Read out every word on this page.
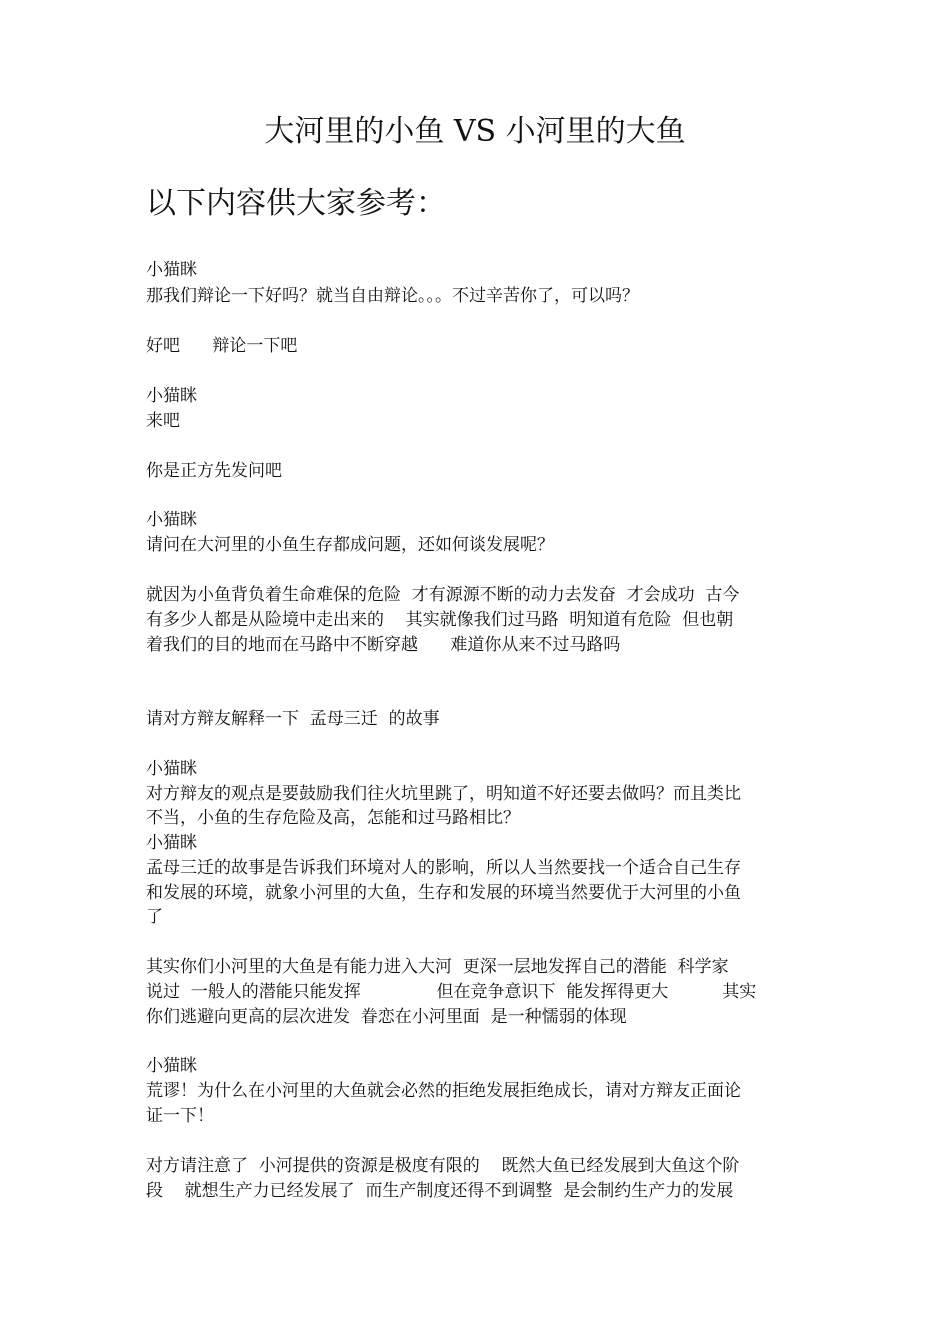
大河里的小鱼 VS 小河里的大鱼
以下内容供大家参考：
小猫眯
那我们辩论一下好吗？就当自由辩论。。。不过辛苦你了，可以吗？
好吧      辩论一下吧
小猫眯
来吧
你是正方先发问吧
小猫眯
请问在大河里的小鱼生存都成问题，还如何谈发展呢？
就因为小鱼背负着生命难保的危险  才有源源不断的动力去发奋  才会成功  古今
有多少人都是从险境中走出来的    其实就像我们过马路  明知道有危险  但也朝
着我们的目的地而在马路中不断穿越      难道你从来不过马路吗
请对方辩友解释一下  孟母三迁  的故事
小猫眯
对方辩友的观点是要鼓励我们往火坑里跳了，明知道不好还要去做吗？而且类比
不当，小鱼的生存危险及高，怎能和过马路相比？
小猫眯
孟母三迁的故事是告诉我们环境对人的影响，所以人当然要找一个适合自己生存
和发展的环境，就象小河里的大鱼，生存和发展的环境当然要优于大河里的小鱼
了
其实你们小河里的大鱼是有能力进入大河  更深一层地发挥自己的潜能  科学家
说过  一般人的潜能只能发挥              但在竞争意识下  能发挥得更大          其实
你们逃避向更高的层次进发  眷恋在小河里面  是一种懦弱的体现
小猫眯
荒谬！为什么在小河里的大鱼就会必然的拒绝发展拒绝成长，请对方辩友正面论
证一下！
对方请注意了  小河提供的资源是极度有限的    既然大鱼已经发展到大鱼这个阶
段    就想生产力已经发展了  而生产制度还得不到调整  是会制约生产力的发展
